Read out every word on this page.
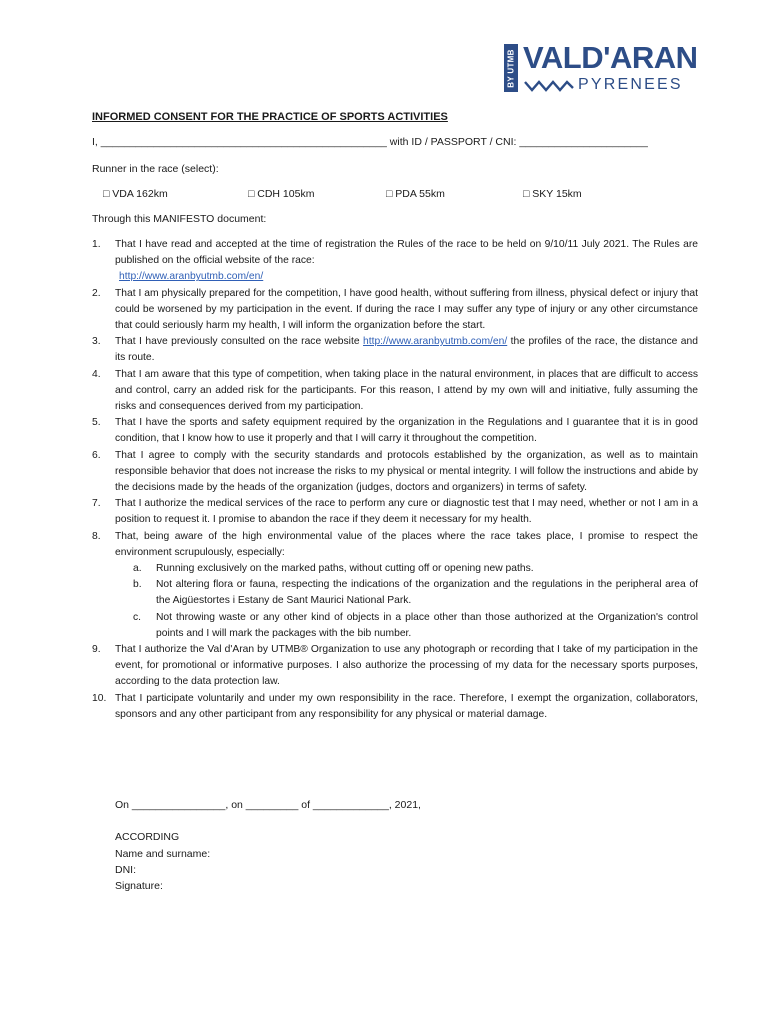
BY UTMB VALD'ARAN
PYRENEES
INFORMED CONSENT FOR THE PRACTICE OF SPORTS ACTIVITIES
I, _________________________________________________ with ID / PASSPORT / CNI: ______________________
Runner in the race (select):
□ VDA 162km	□ CDH 105km	□ PDA 55km	□ SKY 15km
Through this MANIFESTO document:
1. That I have read and accepted at the time of registration the Rules of the race to be held on 9/10/11 July 2021. The Rules are published on the official website of the race:
http://www.aranbyutmb.com/en/
2. That I am physically prepared for the competition, I have good health, without suffering from illness, physical defect or injury that could be worsened by my participation in the event. If during the race I may suffer any type of injury or any other circumstance that could seriously harm my health, I will inform the organization before the start.
3. That I have previously consulted on the race website http://www.aranbyutmb.com/en/ the profiles of the race, the distance and its route.
4. That I am aware that this type of competition, when taking place in the natural environment, in places that are difficult to access and control, carry an added risk for the participants. For this reason, I attend by my own will and initiative, fully assuming the risks and consequences derived from my participation.
5. That I have the sports and safety equipment required by the organization in the Regulations and I guarantee that it is in good condition, that I know how to use it properly and that I will carry it throughout the competition.
6. That I agree to comply with the security standards and protocols established by the organization, as well as to maintain responsible behavior that does not increase the risks to my physical or mental integrity. I will follow the instructions and abide by the decisions made by the heads of the organization (judges, doctors and organizers) in terms of safety.
7. That I authorize the medical services of the race to perform any cure or diagnostic test that I may need, whether or not I am in a position to request it. I promise to abandon the race if they deem it necessary for my health.
8. That, being aware of the high environmental value of the places where the race takes place, I promise to respect the environment scrupulously, especially:
a. Running exclusively on the marked paths, without cutting off or opening new paths.
b. Not altering flora or fauna, respecting the indications of the organization and the regulations in the peripheral area of the Aigüestortes i Estany de Sant Maurici National Park.
c. Not throwing waste or any other kind of objects in a place other than those authorized at the Organization's control points and I will mark the packages with the bib number.
9. That I authorize the Val d'Aran by UTMB® Organization to use any photograph or recording that I take of my participation in the event, for promotional or informative purposes. I also authorize the processing of my data for the necessary sports purposes, according to the data protection law.
10. That I participate voluntarily and under my own responsibility in the race. Therefore, I exempt the organization, collaborators, sponsors and any other participant from any responsibility for any physical or material damage.
On ________________, on _________ of _____________, 2021,
ACCORDING
Name and surname:
DNI:
Signature:
